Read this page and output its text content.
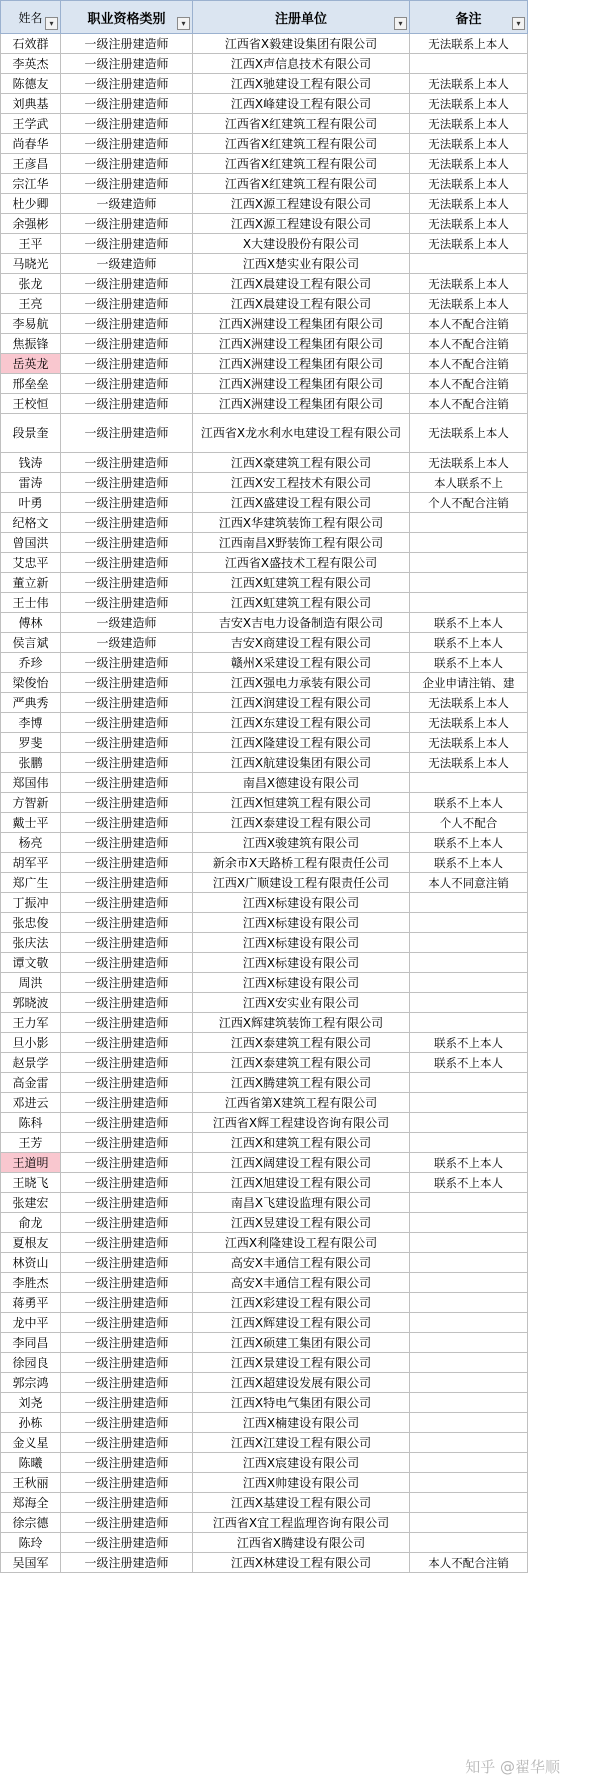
姓名 ▾	职业资格类别 ▾	注册单位 ▾	备注 ▾

石效群	一级注册建造师	江西省X毅建设集团有限公司	无法联系上本人
李英杰	一级注册建造师	江西X声信息技术有限公司	
陈德友	一级注册建造师	江西X驰建设工程有限公司	无法联系上本人
刘典基	一级注册建造师	江西X峰建设工程有限公司	无法联系上本人
王学武	一级注册建造师	江西省X红建筑工程有限公司	无法联系上本人
尚春华	一级注册建造师	江西省X红建筑工程有限公司	无法联系上本人
王彦昌	一级注册建造师	江西省X红建筑工程有限公司	无法联系上本人
宗江华	一级注册建造师	江西省X红建筑工程有限公司	无法联系上本人
杜少卿	一级建造师	江西X源工程建设有限公司	无法联系上本人
余强彬	一级注册建造师	江西X源工程建设有限公司	无法联系上本人
王平	一级注册建造师	X大建设股份有限公司	无法联系上本人
马晓光	一级建造师	江西X楚实业有限公司	
张龙	一级注册建造师	江西X晨建设工程有限公司	无法联系上本人
王亮	一级注册建造师	江西X晨建设工程有限公司	无法联系上本人
李易航	一级注册建造师	江西X洲建设工程集团有限公司	本人不配合注销
焦振锋	一级注册建造师	江西X洲建设工程集团有限公司	本人不配合注销
岳英龙	一级注册建造师	江西X洲建设工程集团有限公司	本人不配合注销
邢垒垒	一级注册建造师	江西X洲建设工程集团有限公司	本人不配合注销
王校恒	一级注册建造师	江西X洲建设工程集团有限公司	本人不配合注销
段景奎	一级注册建造师	江西省X龙水利水电建设工程有限公司	无法联系上本人
钱涛	一级注册建造师	江西X豪建筑工程有限公司	无法联系上本人
雷涛	一级注册建造师	江西X安工程技术有限公司	本人联系不上
叶勇	一级注册建造师	江西X盛建设工程有限公司	个人不配合注销
纪格文	一级注册建造师	江西X华建筑装饰工程有限公司	
曾国洪	一级注册建造师	江西南昌X野装饰工程有限公司	
艾忠平	一级注册建造师	江西省X盛技术工程有限公司	
董立新	一级注册建造师	江西X虹建筑工程有限公司	
王士伟	一级注册建造师	江西X虹建筑工程有限公司	
傅林	一级建造师	吉安X吉电力设备制造有限公司	联系不上本人
侯言斌	一级建造师	吉安X商建设工程有限公司	联系不上本人
乔珍	一级注册建造师	赣州X采建设工程有限公司	联系不上本人
梁俊怡	一级注册建造师	江西X强电力承装有限公司	企业申请注销、建
严典秀	一级注册建造师	江西X润建设工程有限公司	无法联系上本人
李博	一级注册建造师	江西X东建设工程有限公司	无法联系上本人
罗斐	一级注册建造师	江西X隆建设工程有限公司	无法联系上本人
张鹏	一级注册建造师	江西X航建设集团有限公司	无法联系上本人
郑国伟	一级注册建造师	南昌X德建设有限公司	
方智新	一级注册建造师	江西X恒建筑工程有限公司	联系不上本人
戴士平	一级注册建造师	江西X泰建设工程有限公司	个人不配合
杨亮	一级注册建造师	江西X骏建筑有限公司	联系不上本人
胡军平	一级注册建造师	新余市X天路桥工程有限责任公司	联系不上本人
郑广生	一级注册建造师	江西X广顺建设工程有限责任公司	本人不同意注销
丁振冲	一级注册建造师	江西X标建设有限公司	
张忠俊	一级注册建造师	江西X标建设有限公司	
张庆法	一级注册建造师	江西X标建设有限公司	
谭文敬	一级注册建造师	江西X标建设有限公司	
周洪	一级注册建造师	江西X标建设有限公司	
郭晓波	一级注册建造师	江西X安实业有限公司	
王力军	一级注册建造师	江西X辉建筑装饰工程有限公司	
旦小影	一级注册建造师	江西X泰建筑工程有限公司	联系不上本人
赵景学	一级注册建造师	江西X泰建筑工程有限公司	联系不上本人
高金雷	一级注册建造师	江西X腾建筑工程有限公司	
邓进云	一级注册建造师	江西省第X建筑工程有限公司	
陈科	一级注册建造师	江西省X辉工程建设咨询有限公司	
王芳	一级注册建造师	江西X和建筑工程有限公司	
王道明	一级注册建造师	江西X阔建设工程有限公司	联系不上本人
王晓飞	一级注册建造师	江西X旭建设工程有限公司	联系不上本人
张建宏	一级注册建造师	南昌X飞建设监理有限公司	
俞龙	一级注册建造师	江西X昱建设工程有限公司	
夏根友	一级注册建造师	江西X利隆建设工程有限公司	
林资山	一级注册建造师	高安X丰通信工程有限公司	
李胜杰	一级注册建造师	高安X丰通信工程有限公司	
蒋勇平	一级注册建造师	江西X彩建设工程有限公司	
龙中平	一级注册建造师	江西X辉建设工程有限公司	
李同昌	一级注册建造师	江西X硕建工集团有限公司	
徐园良	一级注册建造师	江西X景建设工程有限公司	
郭宗鸿	一级注册建造师	江西X超建设发展有限公司	
刘尧	一级注册建造师	江西X特电气集团有限公司	
孙栋	一级注册建造师	江西X楠建设有限公司	
金义星	一级注册建造师	江西X江建设工程有限公司	
陈曦	一级注册建造师	江西X宸建设有限公司	
王秋丽	一级注册建造师	江西X帅建设有限公司	
郑海全	一级注册建造师	江西X基建设工程有限公司	
徐宗德	一级注册建造师	江西省X宜工程监理咨询有限公司	
陈玲	一级注册建造师	江西省X腾建设有限公司	
吴国军	一级注册建造师	江西X林建设工程有限公司	本人不配合注销
知乎 @翟华顺
